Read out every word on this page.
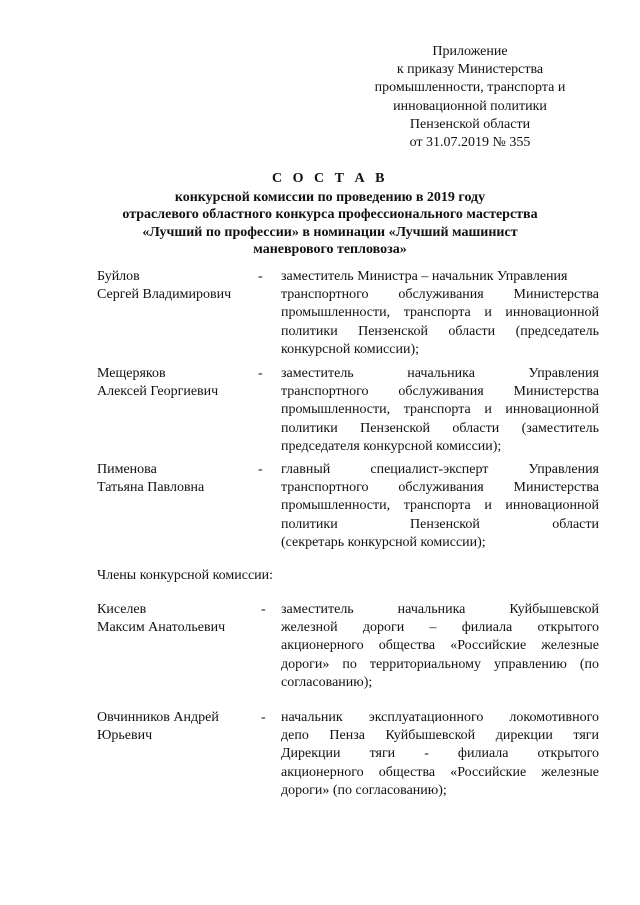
Приложение
к приказу Министерства
промышленности, транспорта и
инновационной политики
Пензенской области
от 31.07.2019 № 355
С О С Т А В
конкурсной комиссии по проведению в 2019 году
отраслевого областного конкурса профессионального мастерства
«Лучший по профессии» в номинации «Лучший машинист
маневрового тепловоза»
Буйлов
Сергей Владимирович
- заместитель Министра – начальник Управления
транспортного обслуживания Министерства
промышленности, транспорта и инновационной
политики Пензенской области (председатель
конкурсной комиссии);
Мещеряков
Алексей Георгиевич
- заместитель начальника Управления
транспортного обслуживания Министерства
промышленности, транспорта и инновационной
политики Пензенской области (заместитель
председателя конкурсной комиссии);
Пименова
Татьяна Павловна
- главный специалист-эксперт Управления
транспортного обслуживания Министерства
промышленности, транспорта и инновационной
политики Пензенской области
(секретарь конкурсной комиссии);
Члены конкурсной комиссии:
Киселев
Максим Анатольевич
- заместитель начальника Куйбышевской
железной дороги – филиала открытого
акционерного общества «Российские железные
дороги» по территориальному управлению (по
согласованию);
Овчинников Андрей
Юрьевич
- начальник эксплуатационного локомотивного
депо Пенза Куйбышевской дирекции тяги
Дирекции тяги - филиала открытого
акционерного общества «Российские железные
дороги» (по согласованию);
